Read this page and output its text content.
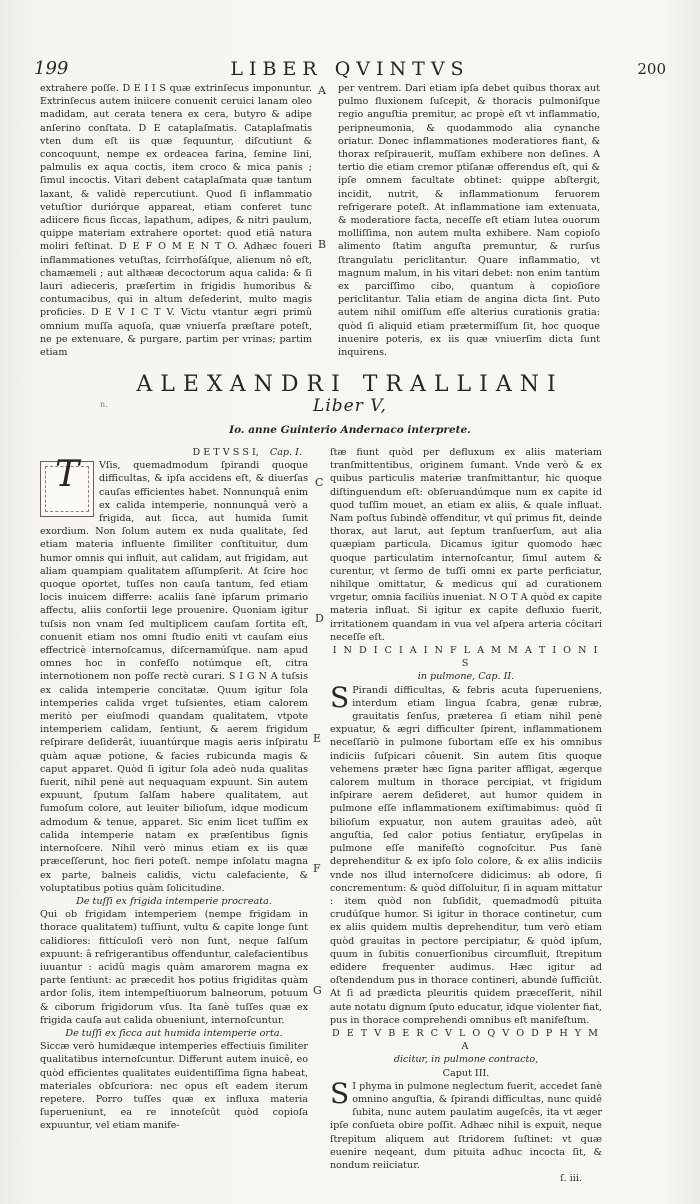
199	LIBER QVINTVS	200

extrahere poſſe. D E I I S quæ extrinſecus imponuntur. Extrinſecus autem iniicere conuenit ceruici lanam oleo madidam, aut cerata tenera ex cera, butyro & adipe anſerino conſtata. D E cataplaſmatis. Cataplaſmatis vten dum eſt iis quæ ſequuntur, diſcutiunt & concoquunt, nempe ex ordeacea farina, ſemine lini, palmulis ex aqua coctis, item croco & mica panis ; ſimul incoctis. Vitari debent cataplaſmata quæ tantum laxant, & validè repercutiunt. Quod ſi inflammatio vetuſtior duriórque appareat, etiam conferet tunc adiicere ficus ſiccas, lapathum, adipes, & nitri paulum, quippe materiam extrahere oportet: quod etiâ natura moliri feſtinat. D E F O M E N T O. Adhæc foueri inflammationes vetuſtas, ſcirrhoſáſque, alienum nô eſt, chamæmeli ; aut althææ decoctorum aqua calida: & ſi lauri adieceris, præſertim in frigidis humoribus & contumacibus, qui in altum deſederint, multo magis proficies. D E V I C T V. Victu vtantur ægri primû omnium muſſa aquoſa, quæ vniuerſa præſtare poteſt, ne pe extenuare, & purgare, partim per vrinas; partim etiam

per ventrem. Dari etiam ipſa debet quibus thorax aut pulmo fluxionem ſuſcepit, & thoracis pulmoniſque regio anguſtia premitur, ac propè eſt vt inflammatio, peripneumonia, & quodammodo alia cynanche oriatur. Donec inflammationes moderatiores fiant, & thorax reſpirauerit, muſſam exhibere non deſines. A tertio die etiam cremor ptiſanæ offerendus eſt, qui & ipſe omnem facultate obtinet: quippe abſtergit, incidit, nutrit, & inflammationum feruorem refrigerare poteſt. At inflammatione iam extenuata, & moderatiore facta, neceſſe eſt etiam lutea ouorum molliſſima, non autem multa exhibere. Nam copioſo alimento ſtatim anguſta premuntur, & rurſus ſtrangulatu periclitantur. Quare inflammatio, vt magnum malum, in his vitari debet: non enim tantùm ex parciſſimo cibo, quantum à copioſiore periclitantur. Talia etiam de angina dicta ſint. Puto autem nihil omiſſum eſſe alterius curationis gratia: quòd ſi aliquid etiam prætermiſſum ſit, hoc quoque inuenire poteris, ex iis quæ vniuerſim dicta ſunt inquirens.

A
B
C
D
E
F
G
ALEXANDRI TRALLIANI
n.	Liber V,
Io. anne Guinterio Andernaco interprete.

D E T V S S I, Cap. I.

T	Vſis, quemadmodum ſpirandi quoque difficultas, & ipſa accidens eſt, & diuerſas cauſas efficientes habet. Nonnunquâ enim ex calida intemperie, nonnunquâ verò a frigida, aut ſicca, aut humida ſumit exordium. Non ſolum autem ex nuda qualitate, ſed etiam materia influente ſimiliter conſtituitur, dum humor omnis qui influit, aut calidam, aut frigidam, aut aliam quampiam qualitatem aſſumpſerit. At ſcire hoc quoque oportet, tuſſes non cauſa tantum, ſed etiam locis inuicem differre: acaliis ſanè ipſarum primario affectu, aliis conſortii lege prouenire. Quoniam igitur tuſsis non vnam ſed multiplicem cauſam ſortita eſt, conuenit etiam nos omni ſtudio eniti vt cauſam eius effectricè internoſcamus, diſcernamúſque. nam apud omnes hoc in confeſſo notúmque eſt, citra internotionem non poſſe rectè curari. S I G N A tuſsis ex calida intemperie concitatæ. Quum igitur ſola intemperies calida vrget tuſsientes, etiam calorem meritò per eiuſmodi quandam qualitatem, vtpote intemperiem calidam, ſentiunt, & aerem frigidum reſpirare deſiderât, iuuantúrque magis aeris inſpiratu quàm aquæ potione, & facies rubicunda magis & caput apparet. Quòd ſi igitur ſola adeò nuda qualitas fuerit, nihil penè aut nequaquam expuunt. Sin autem expuunt, ſputum ſalſam habere qualitatem, aut fumoſum colore, aut leuiter bilioſum, idque modicum admodum & tenue, apparet. Sic enim licet tuſſim ex calida intemperie natam ex præſentibus ſignis internoſcere. Nihil verò minus etiam ex iis quæ præceſſerunt, hoc fieri poteſt. nempe inſolatu magna ex parte, balneis calidis, victu calefaciente, & voluptatibus potius quàm ſolicitudine.

De tuſſi ex frigida intemperie procreata.

Qui ob frigidam intemperiem (nempe frigidam in thorace qualitatem) tuſſiunt, vultu & capite longe ſunt calidiores: fittículoſi verò non ſunt, neque ſalſum expuunt: â refrigerantibus offenduntur, calefacientibus iuuantur : acidû magis quàm amarorem magna ex parte ſentiunt: ac præcedit hos potius frigiditas quàm ardor ſolis, item intempeſtiuorum balneorum, potuum & ciborum frigidorum vſus. Ita ſanè tuſſes quæ ex frigida cauſa aut calida obueniunt, internoſcuntur.

De tuſſi ex ſicca aut humida intemperie orta.

Siccæ verò humidæque intemperies effectiuis ſimiliter qualitatibus internoſcuntur. Differunt autem inuicê, eo quòd efficientes qualitates euidentiſſima ſigna habeat, materiales obſcuriora: nec opus eſt eadem iterum repetere. Porro tuſſes quæ ex influxa materia ſuperueniunt, ea re innoteſcût quòd copioſa expuuntur, vel etiam manife-

ſtæ fiunt quòd per defluxum ex aliis materiam tranſmittentibus, originem ſumant. Vnde verò & ex quibus particulis materiæ tranſmittantur, hic quoque diſtinguendum eſt: obſeruandúmque num ex capite id quod tuſſim mouet, an etiam ex aliis, & quale influat. Nam poſtus ſubindè offenditur, vt quî primus fit, deinde thorax, aut larut, aut ſeptum tranſuerſum, aut alia quæpiam particula. Dicamus igitur quomodo hæc quoque particulatim internoſcantur, ſimul autem & curentur, vt ſermo de tuſſi omni ex parte perficiatur, nihilque omittatur, & medicus qui ad curationem vrgetur, omnia faciliùs inueniat. N O T A quòd ex capite materia influat. Si igitur ex capite defluxio fuerit, irritationem quandam in vua vel aſpera arteria côcitari neceſſe eſt.

I N D I C I A I N F L A M M A T I O N I S

in pulmone, Cap. II.

S Pirandi difficultas, & febris acuta ſuperueniens, interdum etiam lingua ſcabra, genæ rubræ, grauitatis ſenſus, præterea ſi etiam nihil penè expuatur, & ægri difficulter ſpirent, inflammationem neceſſariò in pulmone ſubortam eſſe ex his omnibus indiciis ſuſpicari côuenit. Sin autem ſitis quoque vehemens præter hæc ſigna pariter affligat, ægerque calorem multum in thorace percipiat, vt frigidum inſpirare aerem deſideret, aut humor quidem in pulmone eſſe inflammationem exiſtimabimus: quòd ſi bilioſum expuatur, non autem grauitas adeò, aût anguſtia, ſed calor potius ſentiatur, eryſipelas in pulmone eſſe manifeſtò cognoſcitur. Pus ſanè deprehenditur & ex ipſo ſolo colore, & ex aliis indiciis vnde nos illud internoſcere didicimus: ab odore, ſi concrementum: & quòd diſſoluitur, ſi in aquam mittatur : item quòd non ſubſidit, quemadmodû pituita crudúſque humor. Si igitur in thorace continetur, cum ex aliis quidem multis deprehenditur, tum verò etiam quòd grauitas in pectore percipiatur, & quòd ipſum, quum in ſubitis conuerſionibus circumfluit, ſtrepitum edidere frequenter audimus. Hæc igitur ad oſtendendum pus in thorace contineri, abundè ſufficiût. At ſi ad prædicta pleuritis quidem præceſſerit, nihil aute notatu dignum ſputo educatur, idque violenter fiat, pus in thorace comprehendi omnibus eſt manifeſtum.

D E T V B E R C V L O Q V O D P H Y M A

dicitur, in pulmone contracto,

Caput III.

S I phyma in pulmone neglectum fuerit, accedet ſanè omnino anguſtia, & ſpirandi difficultas, nunc quidê ſubita, nunc autem paulatim augeſcês, ita vt æger ipſe conſueta obire poſſit. Adhæc nihil is expuit, neque ſtrepitum aliquem aut ſtridorem ſuſtinet: vt quæ euenire neqeant, dum pituita adhuc incocta ſit, & nondum reiiciatur.

ſ. iii.
